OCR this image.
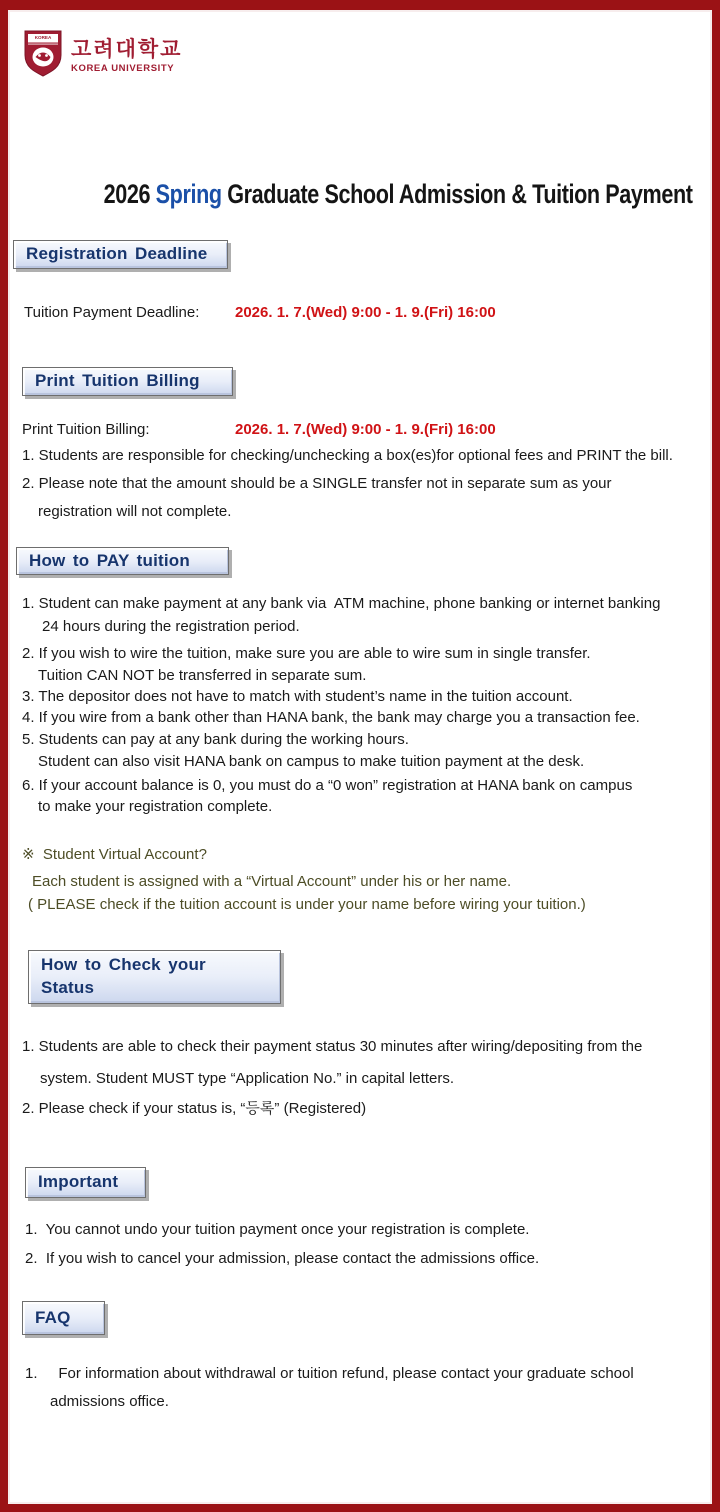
KOREA 고려대학교
KOREA UNIVERSITY

2026 Spring Graduate School Admission & Tuition Payment

Registration Deadline
Tuition Payment Deadline: 2026. 1. 7.(Wed) 9:00 - 1. 9.(Fri) 16:00
Print Tuition Billing
Print Tuition Billing:	2026. 1. 7.(Wed) 9:00 - 1. 9.(Fri) 16:00
1. Students are responsible for checking/unchecking a box(es)for optional fees and PRINT the bill.
2. Please note that the amount should be a SINGLE transfer not in separate sum as your
registration will not complete.
How to PAY tuition
1. Student can make payment at any bank via  ATM machine, phone banking or internet banking
24 hours during the registration period.
2. If you wish to wire the tuition, make sure you are able to wire sum in single transfer.
Tuition CAN NOT be transferred in separate sum.
3. The depositor does not have to match with student’s name in the tuition account.
4. If you wire from a bank other than HANA bank, the bank may charge you a transaction fee.
5. Students can pay at any bank during the working hours.
Student can also visit HANA bank on campus to make tuition payment at the desk.
6. If your account balance is 0, you must do a “0 won” registration at HANA bank on campus
to make your registration complete.
※  Student Virtual Account?
Each student is assigned with a “Virtual Account” under his or her name.
( PLEASE check if the tuition account is under your name before wiring your tuition.)
How to Check your
Status
1. Students are able to check their payment status 30 minutes after wiring/depositing from the
system. Student MUST type “Application No.” in capital letters.
2. Please check if your status is, “등록” (Registered)
Important
1.  You cannot undo your tuition payment once your registration is complete.
2.  If you wish to cancel your admission, please contact the admissions office.
FAQ
1.     For information about withdrawal or tuition refund, please contact your graduate school
admissions office.
